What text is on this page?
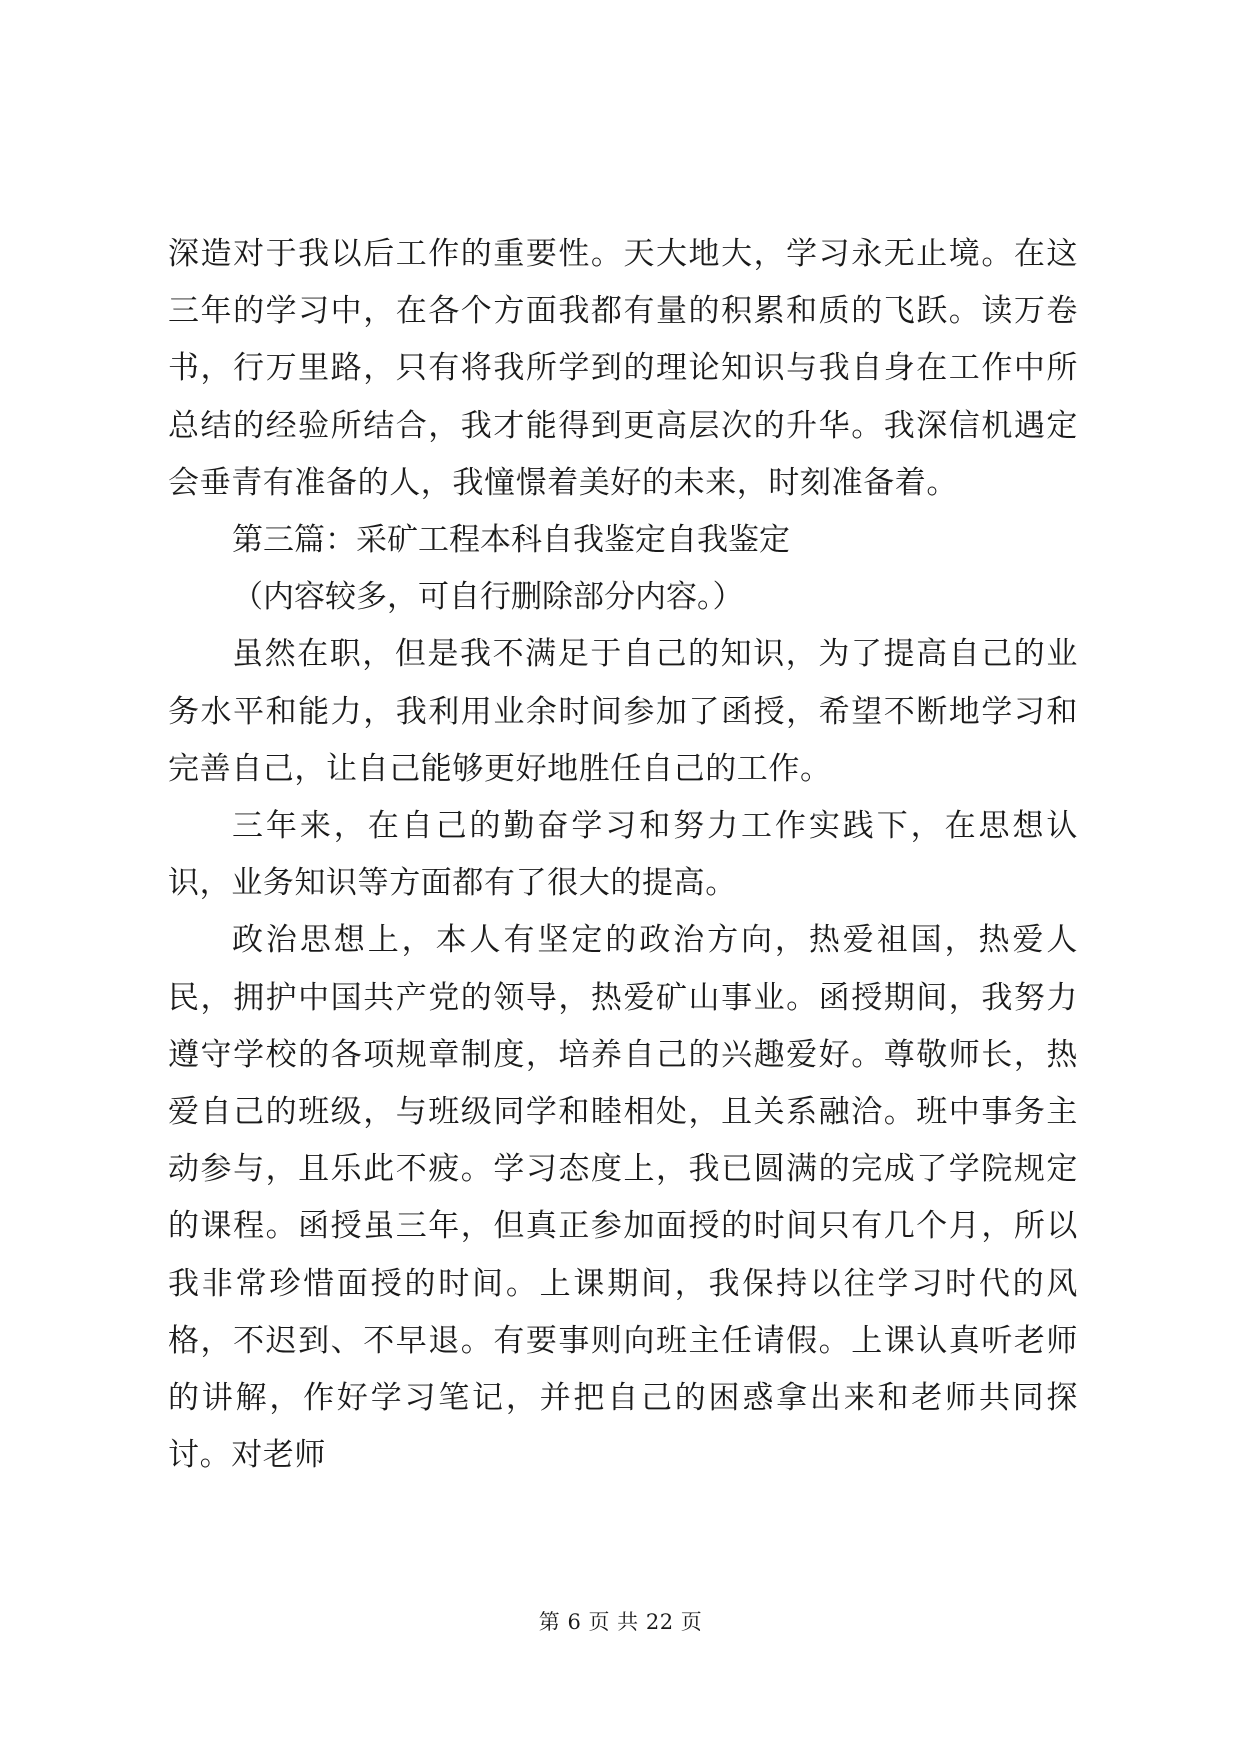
深造对于我以后工作的重要性。天大地大，学习永无止境。在这三年的学习中，在各个方面我都有量的积累和质的飞跃。读万卷书，行万里路，只有将我所学到的理论知识与我自身在工作中所总结的经验所结合，我才能得到更高层次的升华。我深信机遇定会垂青有准备的人，我憧憬着美好的未来，时刻准备着。

第三篇：采矿工程本科自我鉴定自我鉴定

（内容较多，可自行删除部分内容。）

虽然在职，但是我不满足于自己的知识，为了提高自己的业务水平和能力，我利用业余时间参加了函授，希望不断地学习和完善自己，让自己能够更好地胜任自己的工作。

三年来，在自己的勤奋学习和努力工作实践下，在思想认识，业务知识等方面都有了很大的提高。

政治思想上，本人有坚定的政治方向，热爱祖国，热爱人民，拥护中国共产党的领导，热爱矿山事业。函授期间，我努力遵守学校的各项规章制度，培养自己的兴趣爱好。尊敬师长，热爱自己的班级，与班级同学和睦相处，且关系融洽。班中事务主动参与，且乐此不疲。学习态度上，我已圆满的完成了学院规定的课程。函授虽三年，但真正参加面授的时间只有几个月，所以我非常珍惜面授的时间。上课期间，我保持以往学习时代的风格，不迟到、不早退。有要事则向班主任请假。上课认真听老师的讲解，作好学习笔记，并把自己的困惑拿出来和老师共同探讨。对老师

第 6 页 共 22 页
